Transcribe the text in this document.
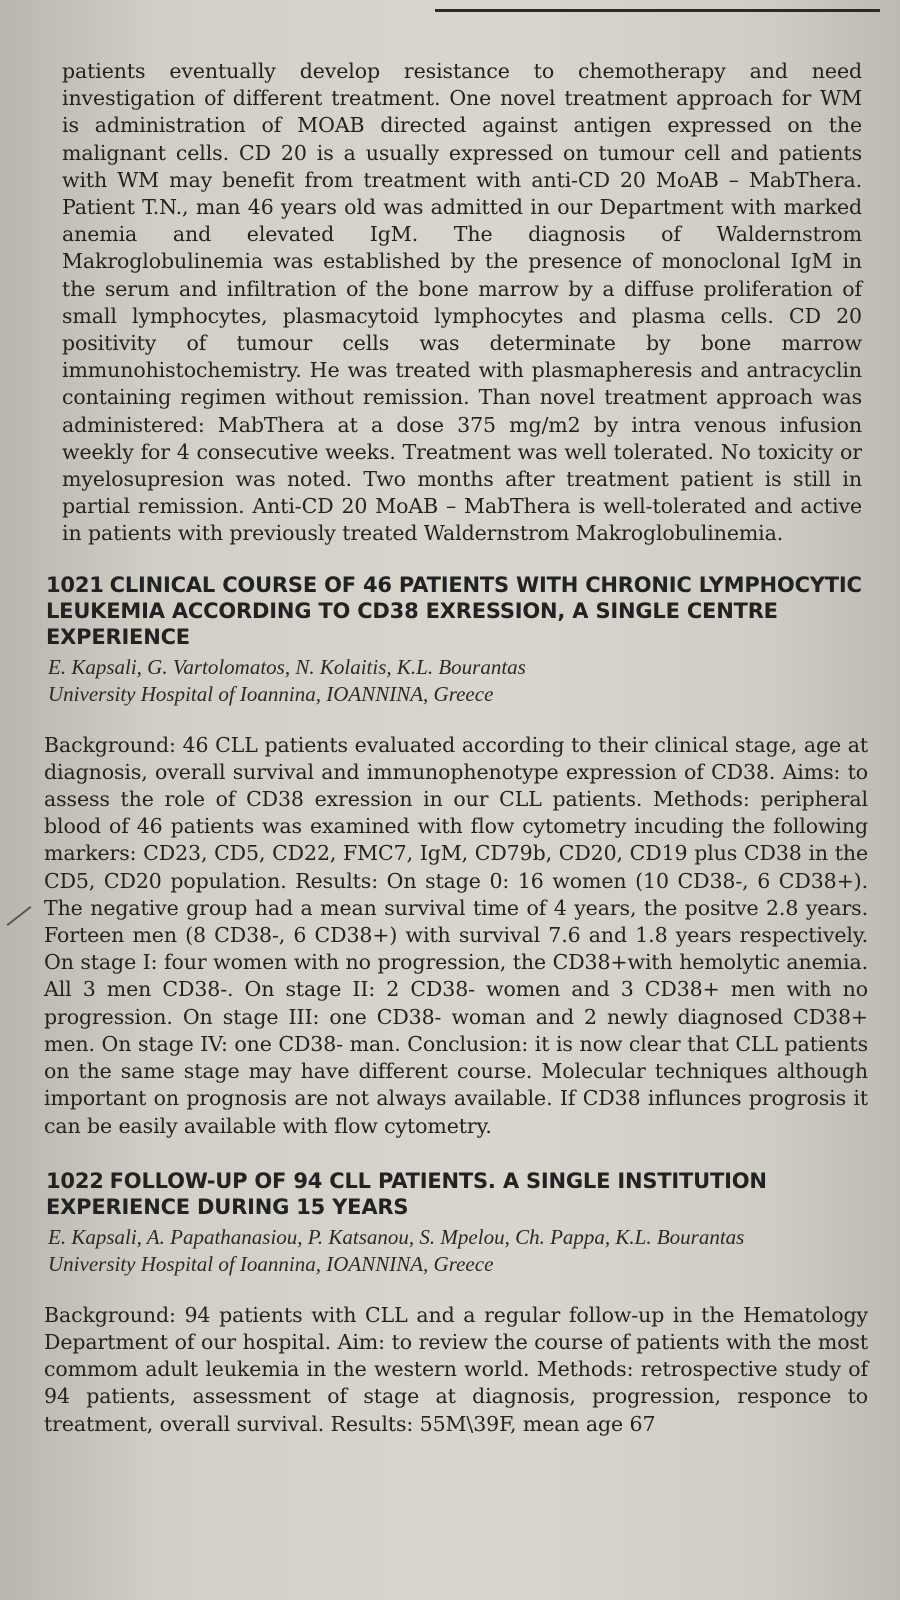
patients eventually develop resistance to chemotherapy and need investigation of different treatment. One novel treatment approach for WM is administration of MOAB directed against antigen expressed on the malignant cells. CD 20 is a usually expressed on tumour cell and patients with WM may benefit from treatment with anti-CD 20 MoAB – MabThera. Patient T.N., man 46 years old was admitted in our Department with marked anemia and elevated IgM. The diagnosis of Waldernstrom Makroglobulinemia was established by the presence of monoclonal IgM in the serum and infiltration of the bone marrow by a diffuse proliferation of small lymphocytes, plasmacytoid lymphocytes and plasma cells. CD 20 positivity of tumour cells was determinate by bone marrow immunohistochemistry. He was treated with plasmapheresis and antracyclin containing regimen without remission. Than novel treatment approach was administered: MabThera at a dose 375 mg/m2 by intra venous infusion weekly for 4 consecutive weeks. Treatment was well tolerated. No toxicity or myelosupresion was noted. Two months after treatment patient is still in partial remission. Anti-CD 20 MoAB – MabThera is well-tolerated and active in patients with previously treated Waldernstrom Makroglobulinemia.

1021 CLINICAL COURSE OF 46 PATIENTS WITH CHRONIC LYMPHOCYTIC LEUKEMIA ACCORDING TO CD38 EXRESSION, A SINGLE CENTRE EXPERIENCE

E. Kapsali, G. Vartolomatos, N. Kolaitis, K.L. Bourantas

University Hospital of Ioannina, IOANNINA, Greece

Background: 46 CLL patients evaluated according to their clinical stage, age at diagnosis, overall survival and immunophenotype expression of CD38. Aims: to assess the role of CD38 exression in our CLL patients. Methods: peripheral blood of 46 patients was examined with flow cytometry incuding the following markers: CD23, CD5, CD22, FMC7, IgM, CD79b, CD20, CD19 plus CD38 in the CD5, CD20 population. Results: On stage 0: 16 women (10 CD38-, 6 CD38+). The negative group had a mean survival time of 4 years, the positve 2.8 years. Forteen men (8 CD38-, 6 CD38+) with survival 7.6 and 1.8 years respectively. On stage I: four women with no progression, the CD38+with hemolytic anemia. All 3 men CD38-. On stage II: 2 CD38- women and 3 CD38+ men with no progression. On stage III: one CD38- woman and 2 newly diagnosed CD38+ men. On stage IV: one CD38- man. Conclusion: it is now clear that CLL patients on the same stage may have different course. Molecular techniques although important on prognosis are not always available. If CD38 influnces progrosis it can be easily available with flow cytometry.

1022 FOLLOW-UP OF 94 CLL PATIENTS. A SINGLE INSTITUTION EXPERIENCE DURING 15 YEARS

E. Kapsali, A. Papathanasiou, P. Katsanou, S. Mpelou, Ch. Pappa, K.L. Bourantas

University Hospital of Ioannina, IOANNINA, Greece

Background: 94 patients with CLL and a regular follow-up in the Hematology Department of our hospital. Aim: to review the course of patients with the most commom adult leukemia in the western world. Methods: retrospective study of 94 patients, assessment of stage at diagnosis, progression, responce to treatment, overall survival. Results: 55M\39F, mean age 67
